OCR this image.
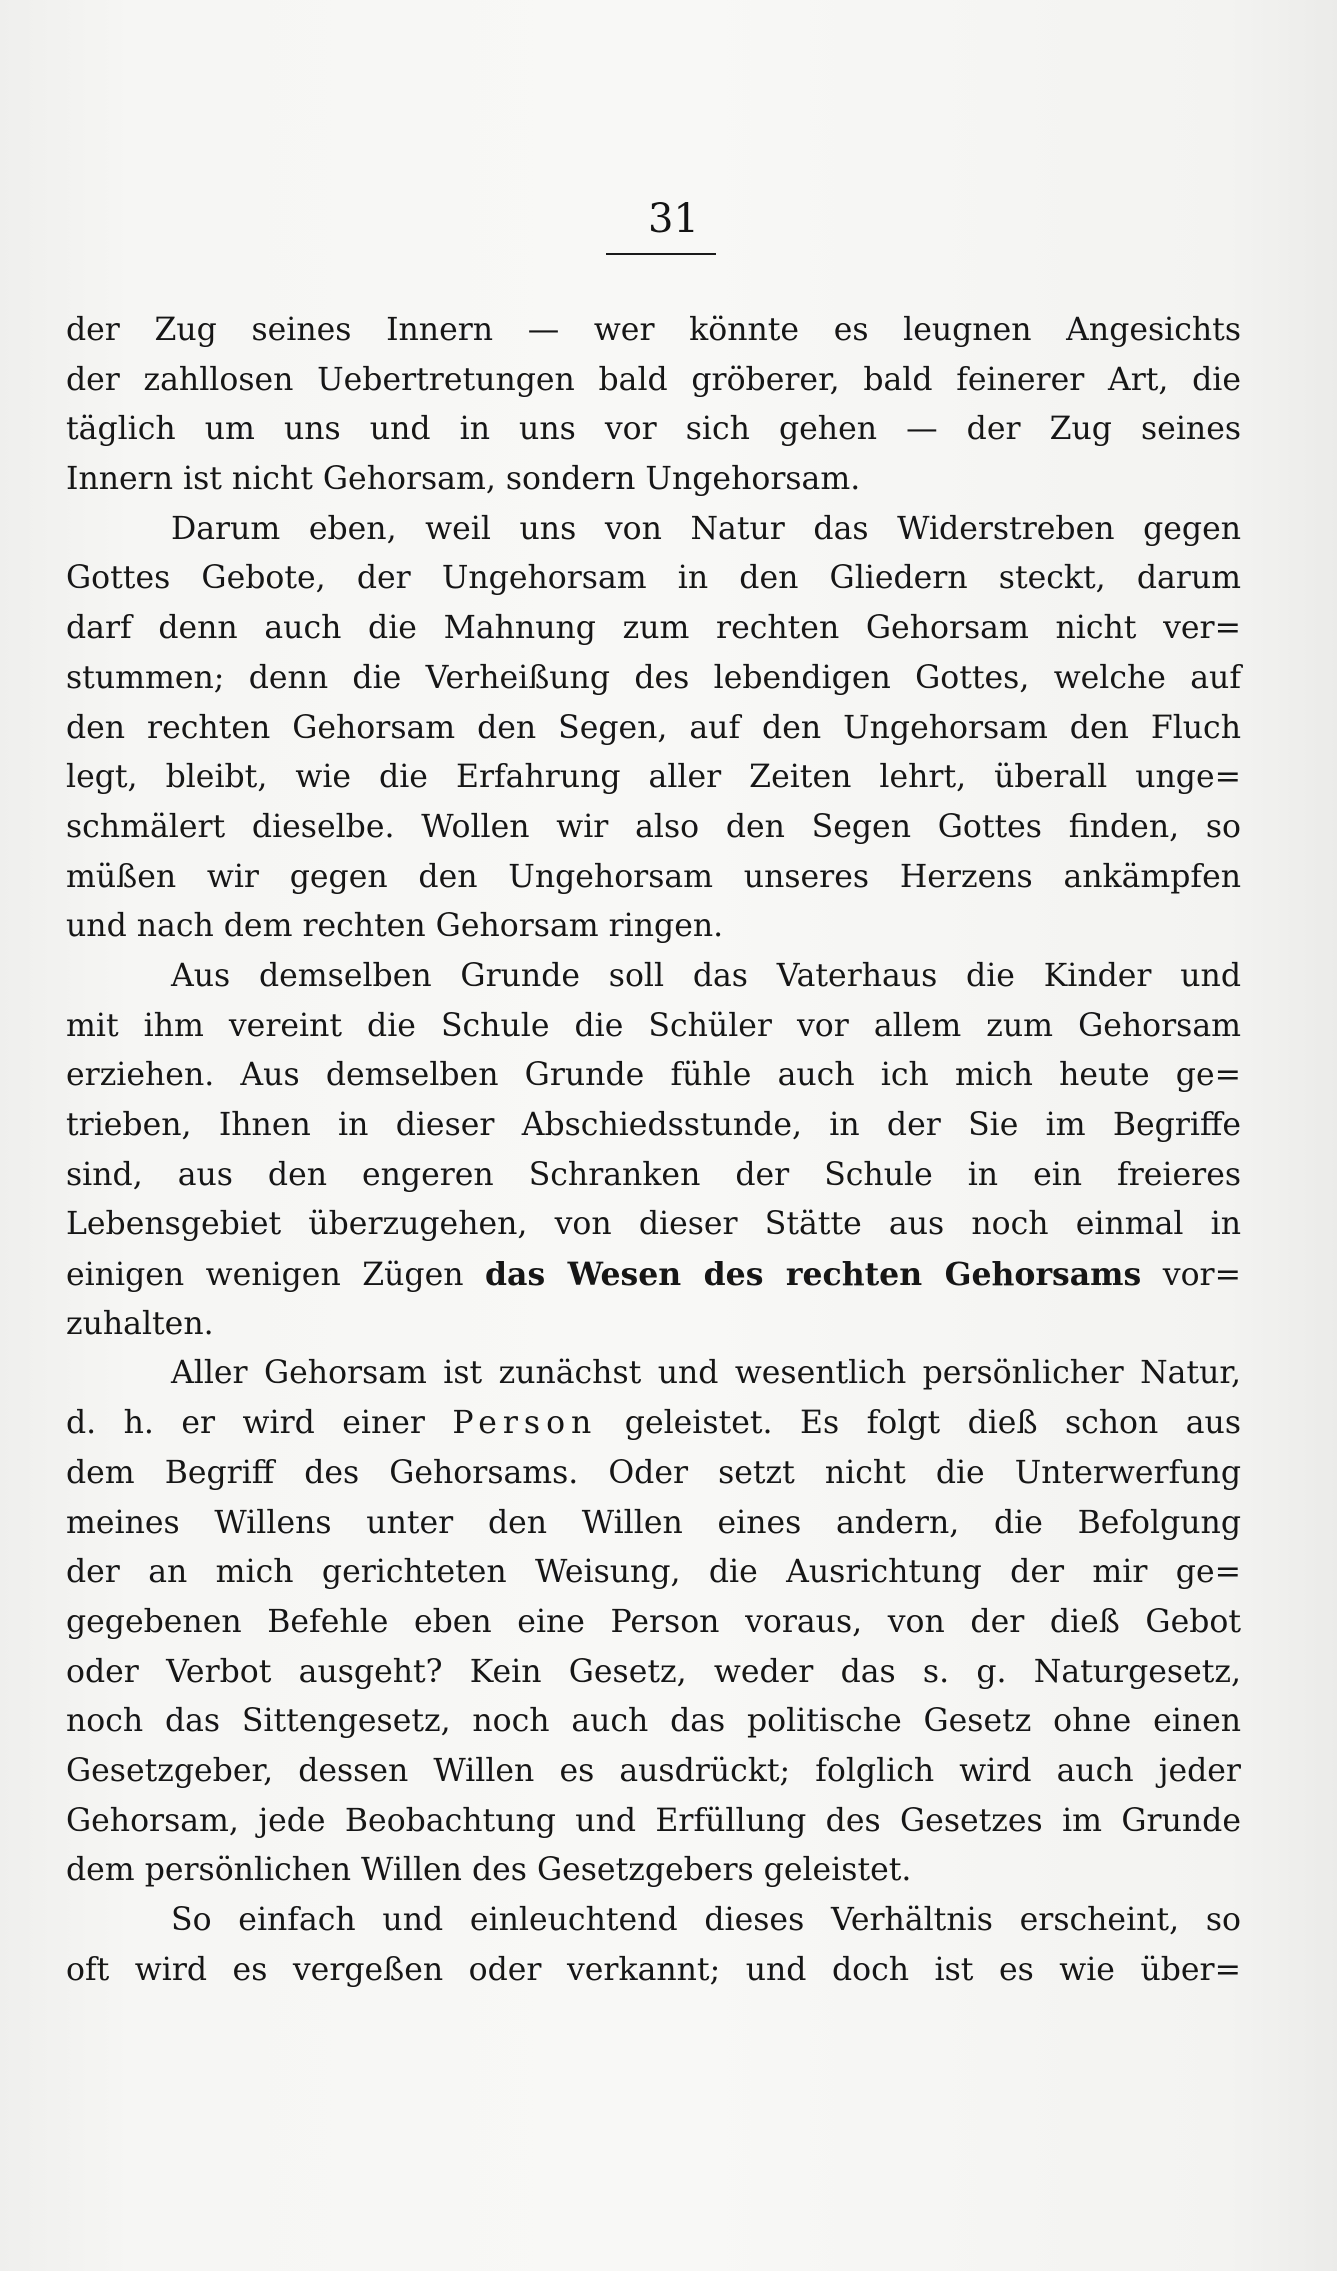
31
der Zug seines Innern — wer könnte es leugnen Angesichts
der zahllosen Uebertretungen bald gröberer, bald feinerer Art, die
täglich um uns und in uns vor sich gehen — der Zug seines
Innern ist nicht Gehorsam, sondern Ungehorsam.
Darum eben, weil uns von Natur das Widerstreben gegen
Gottes Gebote, der Ungehorsam in den Gliedern steckt, darum
darf denn auch die Mahnung zum rechten Gehorsam nicht ver=
stummen; denn die Verheißung des lebendigen Gottes, welche auf
den rechten Gehorsam den Segen, auf den Ungehorsam den Fluch
legt, bleibt, wie die Erfahrung aller Zeiten lehrt, überall unge=
schmälert dieselbe. Wollen wir also den Segen Gottes finden, so
müßen wir gegen den Ungehorsam unseres Herzens ankämpfen
und nach dem rechten Gehorsam ringen.
Aus demselben Grunde soll das Vaterhaus die Kinder und
mit ihm vereint die Schule die Schüler vor allem zum Gehorsam
erziehen. Aus demselben Grunde fühle auch ich mich heute ge=
trieben, Ihnen in dieser Abschiedsstunde, in der Sie im Begriffe
sind, aus den engeren Schranken der Schule in ein freieres
Lebensgebiet überzugehen, von dieser Stätte aus noch einmal in
einigen wenigen Zügen das Wesen des rechten Gehorsams vor=
zuhalten.
Aller Gehorsam ist zunächst und wesentlich persönlicher Natur,
d. h. er wird einer Person geleistet. Es folgt dieß schon aus
dem Begriff des Gehorsams. Oder setzt nicht die Unterwerfung
meines Willens unter den Willen eines andern, die Befolgung
der an mich gerichteten Weisung, die Ausrichtung der mir ge=
gegebenen Befehle eben eine Person voraus, von der dieß Gebot
oder Verbot ausgeht? Kein Gesetz, weder das s. g. Naturgesetz,
noch das Sittengesetz, noch auch das politische Gesetz ohne einen
Gesetzgeber, dessen Willen es ausdrückt; folglich wird auch jeder
Gehorsam, jede Beobachtung und Erfüllung des Gesetzes im Grunde
dem persönlichen Willen des Gesetzgebers geleistet.
So einfach und einleuchtend dieses Verhältnis erscheint, so
oft wird es vergeßen oder verkannt; und doch ist es wie über=
